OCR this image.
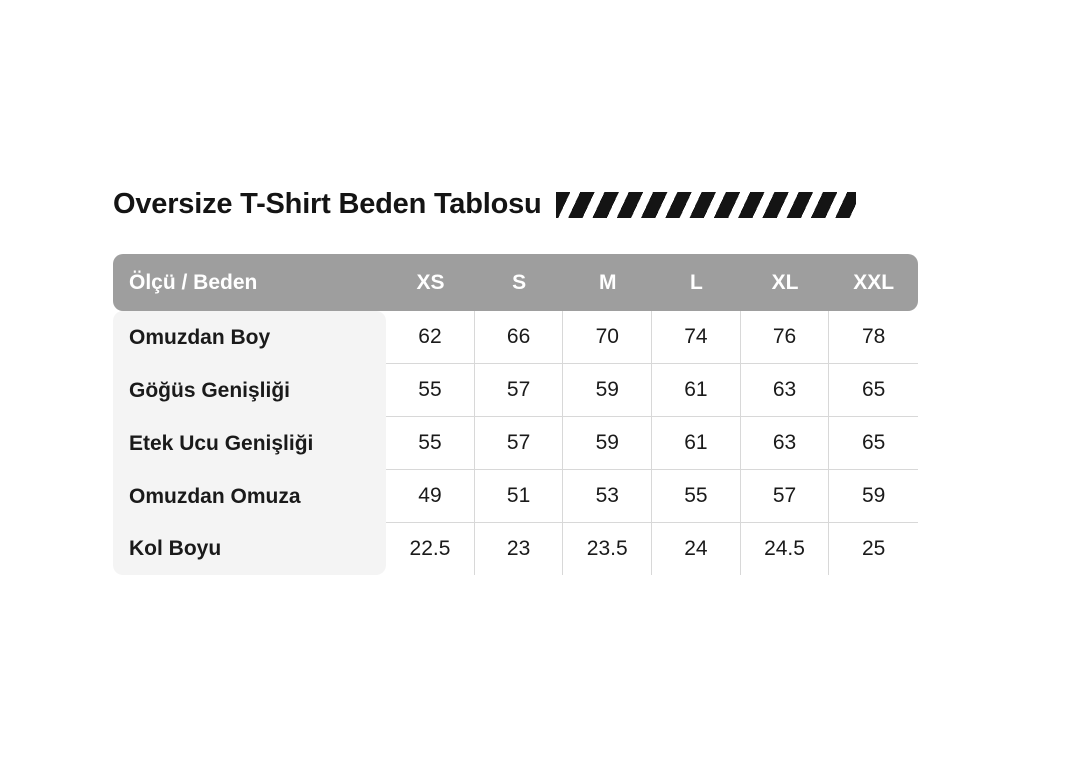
Oversize T-Shirt Beden Tablosu
Ölçü / Beden	XS	S	M	L	XL	XXL
Omuzdan Boy	62	66	70	74	76	78
Göğüs Genişliği	55	57	59	61	63	65
Etek Ucu Genişliği	55	57	59	61	63	65
Omuzdan Omuza	49	51	53	55	57	59
Kol Boyu	22.5	23	23.5	24	24.5	25
